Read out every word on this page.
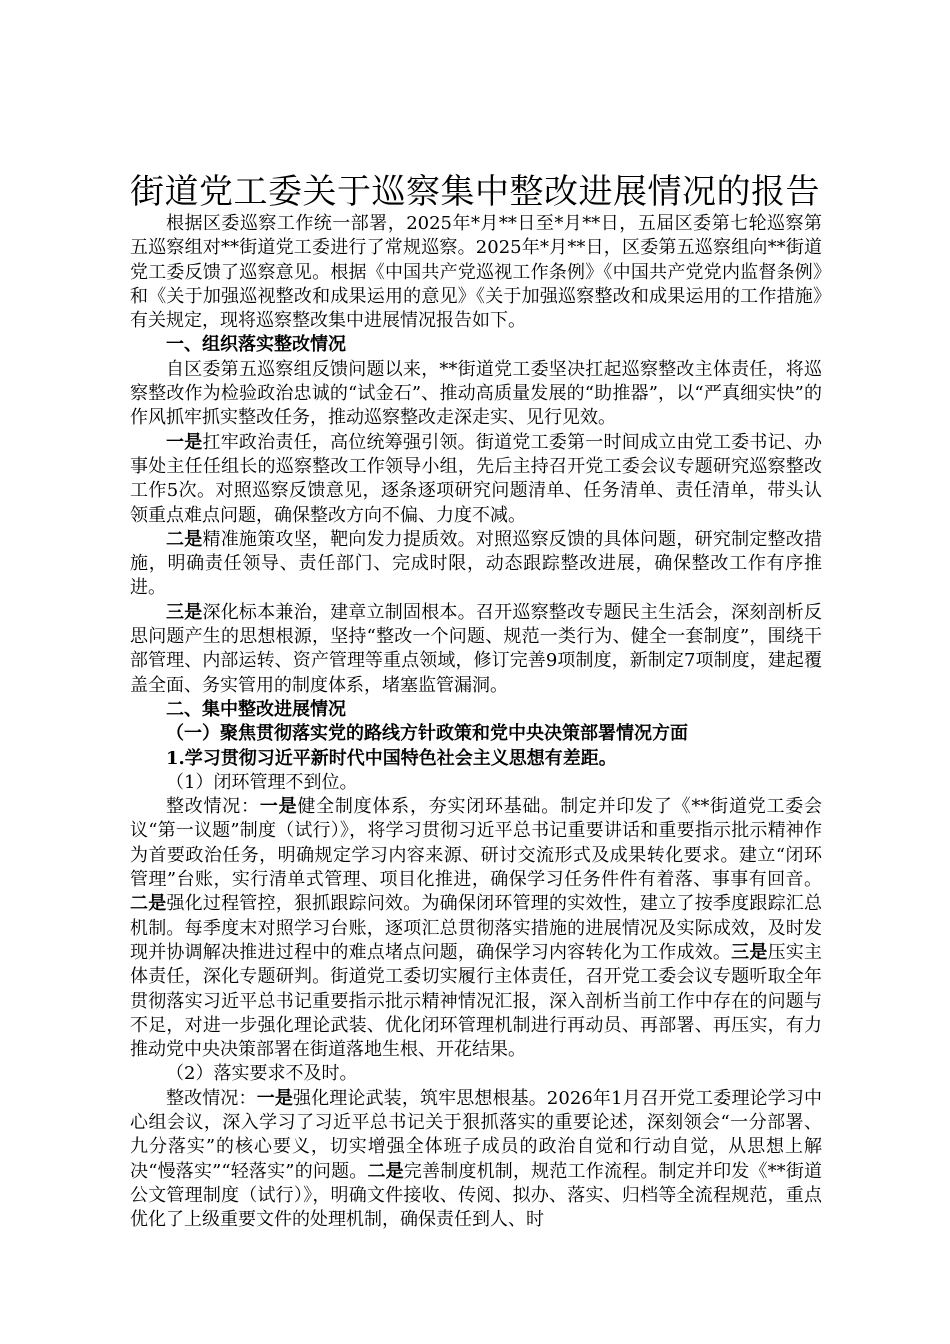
街道党工委关于巡察集中整改进展情况的报告

根据区委巡察工作统一部署，2025年*月**日至*月**日，五届区委第七轮巡察第五巡察组对**街道党工委进行了常规巡察。2025年*月**日，区委第五巡察组向**街道党工委反馈了巡察意见。根据《中国共产党巡视工作条例》《中国共产党党内监督条例》和《关于加强巡视整改和成果运用的意见》《关于加强巡察整改和成果运用的工作措施》有关规定，现将巡察整改集中进展情况报告如下。

一、组织落实整改情况

自区委第五巡察组反馈问题以来，**街道党工委坚决扛起巡察整改主体责任，将巡察整改作为检验政治忠诚的“试金石”、推动高质量发展的“助推器”，以“严真细实快”的作风抓牢抓实整改任务，推动巡察整改走深走实、见行见效。

一是扛牢政治责任，高位统筹强引领。街道党工委第一时间成立由党工委书记、办事处主任任组长的巡察整改工作领导小组，先后主持召开党工委会议专题研究巡察整改工作5次。对照巡察反馈意见，逐条逐项研究问题清单、任务清单、责任清单，带头认领重点难点问题，确保整改方向不偏、力度不减。

二是精准施策攻坚，靶向发力提质效。对照巡察反馈的具体问题，研究制定整改措施，明确责任领导、责任部门、完成时限，动态跟踪整改进展，确保整改工作有序推进。

三是深化标本兼治，建章立制固根本。召开巡察整改专题民主生活会，深刻剖析反思问题产生的思想根源，坚持“整改一个问题、规范一类行为、健全一套制度”，围绕干部管理、内部运转、资产管理等重点领域，修订完善9项制度，新制定7项制度，建起覆盖全面、务实管用的制度体系，堵塞监管漏洞。

二、集中整改进展情况

（一）聚焦贯彻落实党的路线方针政策和党中央决策部署情况方面

1.学习贯彻习近平新时代中国特色社会主义思想有差距。

（1）闭环管理不到位。

整改情况：一是健全制度体系，夯实闭环基础。制定并印发了《**街道党工委会议“第一议题”制度（试行）》，将学习贯彻习近平总书记重要讲话和重要指示批示精神作为首要政治任务，明确规定学习内容来源、研讨交流形式及成果转化要求。建立“闭环管理”台账，实行清单式管理、项目化推进，确保学习任务件件有着落、事事有回音。二是强化过程管控，狠抓跟踪问效。为确保闭环管理的实效性，建立了按季度跟踪汇总机制。每季度末对照学习台账，逐项汇总贯彻落实措施的进展情况及实际成效，及时发现并协调解决推进过程中的难点堵点问题，确保学习内容转化为工作成效。三是压实主体责任，深化专题研判。街道党工委切实履行主体责任，召开党工委会议专题听取全年贯彻落实习近平总书记重要指示批示精神情况汇报，深入剖析当前工作中存在的问题与不足，对进一步强化理论武装、优化闭环管理机制进行再动员、再部署、再压实，有力推动党中央决策部署在街道落地生根、开花结果。

（2）落实要求不及时。

整改情况：一是强化理论武装，筑牢思想根基。2026年1月召开党工委理论学习中心组会议，深入学习了习近平总书记关于狠抓落实的重要论述，深刻领会“一分部署、九分落实”的核心要义，切实增强全体班子成员的政治自觉和行动自觉，从思想上解决“慢落实”“轻落实”的问题。二是完善制度机制，规范工作流程。制定并印发《**街道公文管理制度（试行）》，明确文件接收、传阅、拟办、落实、归档等全流程规范，重点优化了上级重要文件的处理机制，确保责任到人、时
